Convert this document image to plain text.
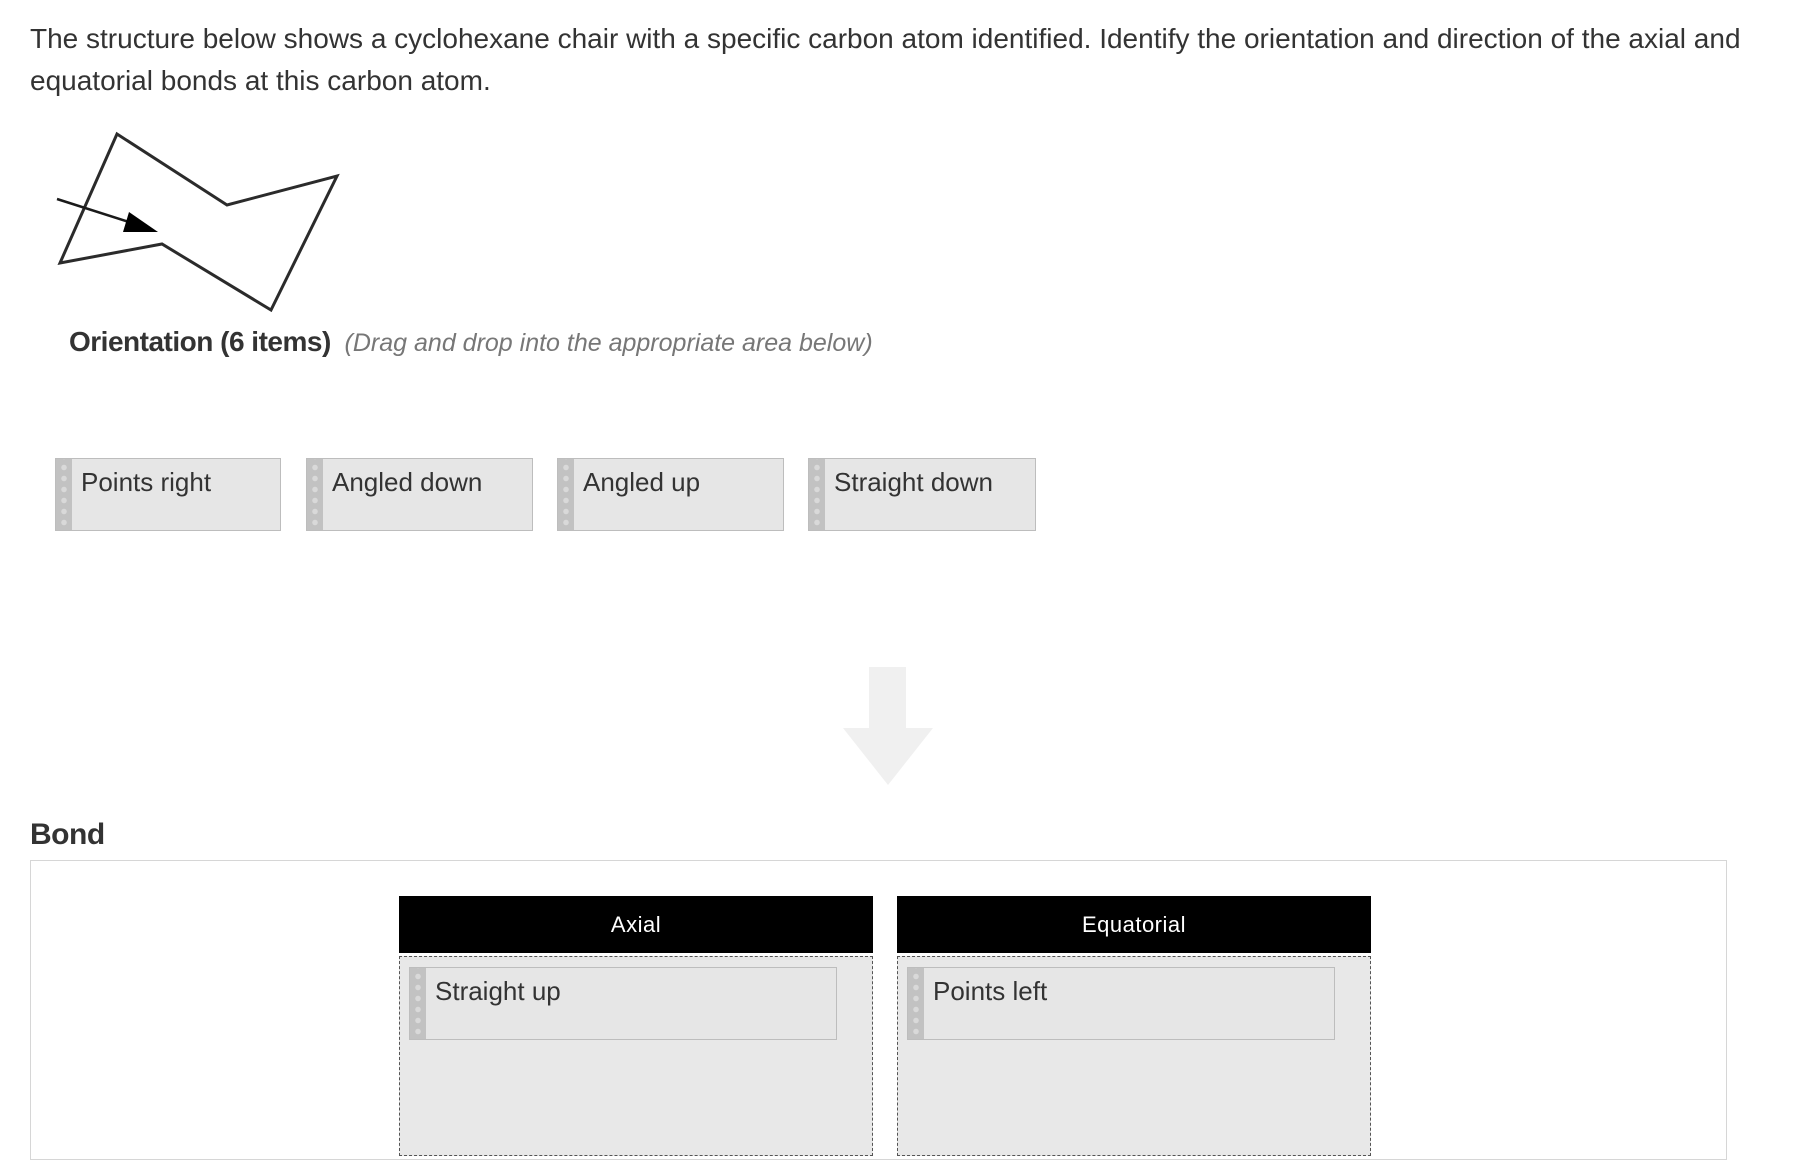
The structure below shows a cyclohexane chair with a specific carbon atom identified. Identify the orientation and direction of the axial and equatorial bonds at this carbon atom.
Orientation (6 items) (Drag and drop into the appropriate area below)
Points right	Angled down	Angled up	Straight down
Bond
Axial
Straight up
Equatorial
Points left
